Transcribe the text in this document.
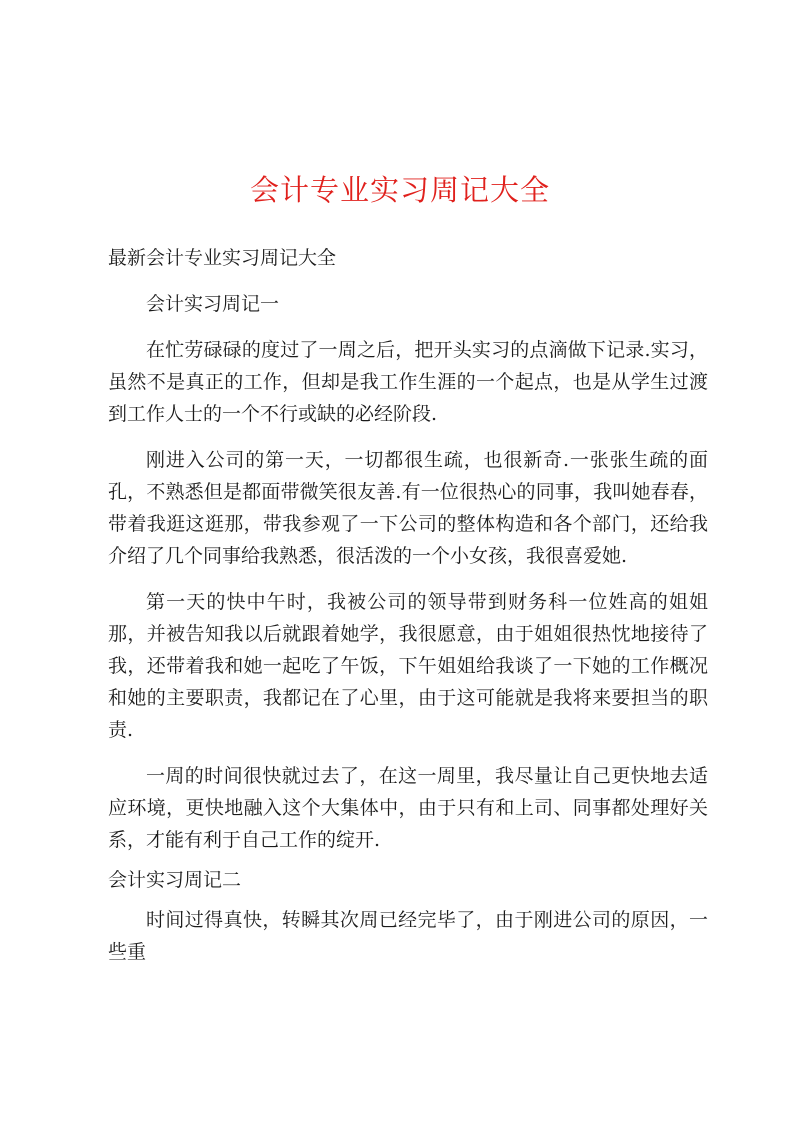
会计专业实习周记大全

最新会计专业实习周记大全

会计实习周记一

在忙劳碌碌的度过了一周之后，把开头实习的点滴做下记录.实习，虽然不是真正的工作，但却是我工作生涯的一个起点，也是从学生过渡到工作人士的一个不行或缺的必经阶段.

刚进入公司的第一天，一切都很生疏，也很新奇.一张张生疏的面孔，不熟悉但是都面带微笑很友善.有一位很热心的同事，我叫她春春，带着我逛这逛那，带我参观了一下公司的整体构造和各个部门，还给我介绍了几个同事给我熟悉，很活泼的一个小女孩，我很喜爱她.

第一天的快中午时，我被公司的领导带到财务科一位姓高的姐姐那，并被告知我以后就跟着她学，我很愿意，由于姐姐很热忱地接待了我，还带着我和她一起吃了午饭，下午姐姐给我谈了一下她的工作概况和她的主要职责，我都记在了心里，由于这可能就是我将来要担当的职责.

一周的时间很快就过去了，在这一周里，我尽量让自己更快地去适应环境，更快地融入这个大集体中，由于只有和上司、同事都处理好关系，才能有利于自己工作的绽开.

会计实习周记二

时间过得真快，转瞬其次周已经完毕了，由于刚进公司的原因，一些重
